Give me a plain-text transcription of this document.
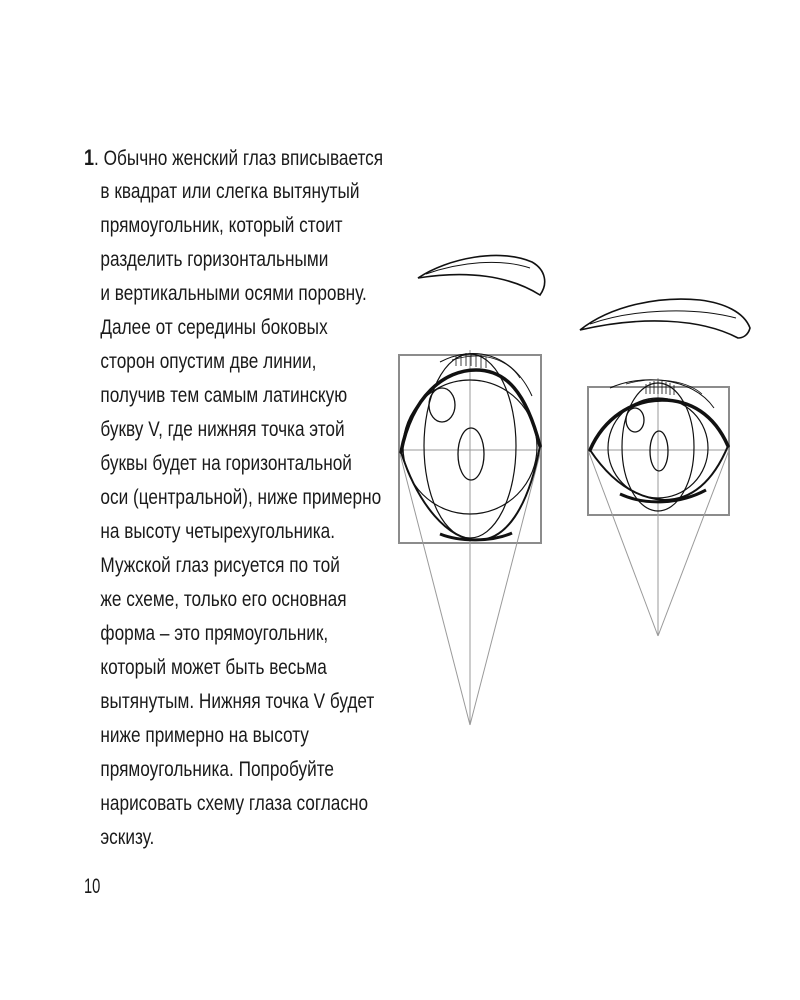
1. Обычно женский глаз вписывается
в квадрат или слегка вытянутый
прямоугольник, который стоит
разделить горизонтальными
и вертикальными осями поровну.
Далее от середины боковых
сторон опустим две линии,
получив тем самым латинскую
букву V, где нижняя точка этой
буквы будет на горизонтальной
оси (центральной), ниже примерно
на высоту четырехугольника.
Мужской глаз рисуется по той
же схеме, только его основная
форма – это прямоугольник,
который может быть весьма
вытянутым. Нижняя точка V будет
ниже примерно на высоту
прямоугольника. Попробуйте
нарисовать схему глаза согласно
эскизу.
10
